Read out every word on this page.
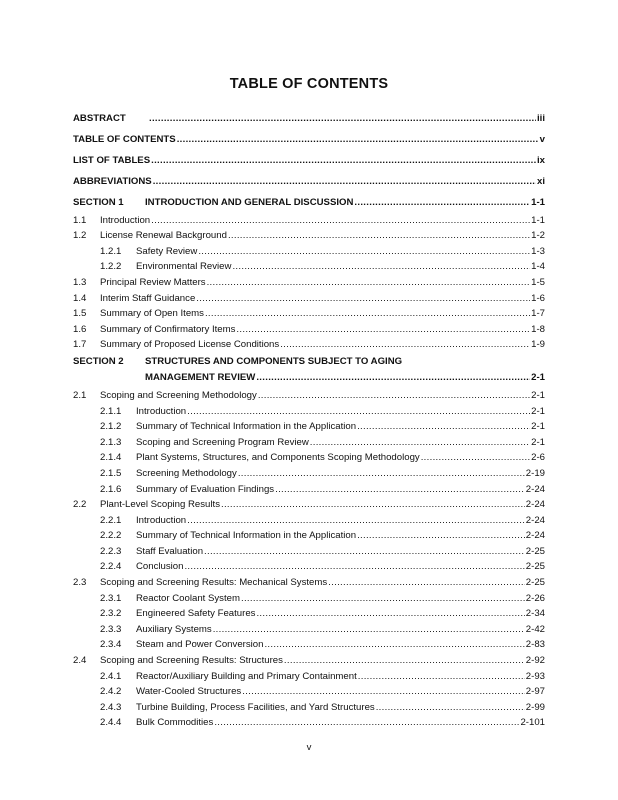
TABLE OF CONTENTS
ABSTRACT .....	iii
TABLE OF CONTENTS .....	v
LIST OF TABLES .....	ix
ABBREVIATIONS .....	xi
SECTION 1	INTRODUCTION AND GENERAL DISCUSSION .....	1-1
1.1	Introduction .....	1-1
1.2	License Renewal Background .....	1-2
1.2.1	Safety Review .....	1-3
1.2.2	Environmental Review .....	1-4
1.3	Principal Review Matters .....	1-5
1.4	Interim Staff Guidance .....	1-6
1.5	Summary of Open Items .....	1-7
1.6	Summary of Confirmatory Items .....	1-8
1.7	Summary of Proposed License Conditions .....	1-9
SECTION 2	STRUCTURES AND COMPONENTS SUBJECT TO AGING
MANAGEMENT REVIEW .....	2-1
2.1	Scoping and Screening Methodology .....	2-1
2.1.1	Introduction .....	2-1
2.1.2	Summary of Technical Information in the Application .....	2-1
2.1.3	Scoping and Screening Program Review .....	2-1
2.1.4	Plant Systems, Structures, and Components Scoping Methodology .....	2-6
2.1.5	Screening Methodology .....	2-19
2.1.6	Summary of Evaluation Findings .....	2-24
2.2	Plant-Level Scoping Results .....	2-24
2.2.1	Introduction .....	2-24
2.2.2	Summary of Technical Information in the Application .....	2-24
2.2.3	Staff Evaluation .....	2-25
2.2.4	Conclusion .....	2-25
2.3	Scoping and Screening Results: Mechanical Systems .....	2-25
2.3.1	Reactor Coolant System .....	2-26
2.3.2	Engineered Safety Features .....	2-34
2.3.3	Auxiliary Systems .....	2-42
2.3.4	Steam and Power Conversion .....	2-83
2.4	Scoping and Screening Results: Structures .....	2-92
2.4.1	Reactor/Auxiliary Building and Primary Containment .....	2-93
2.4.2	Water-Cooled Structures .....	2-97
2.4.3	Turbine Building, Process Facilities, and Yard Structures .....	2-99
2.4.4	Bulk Commodities .....	2-101
v
